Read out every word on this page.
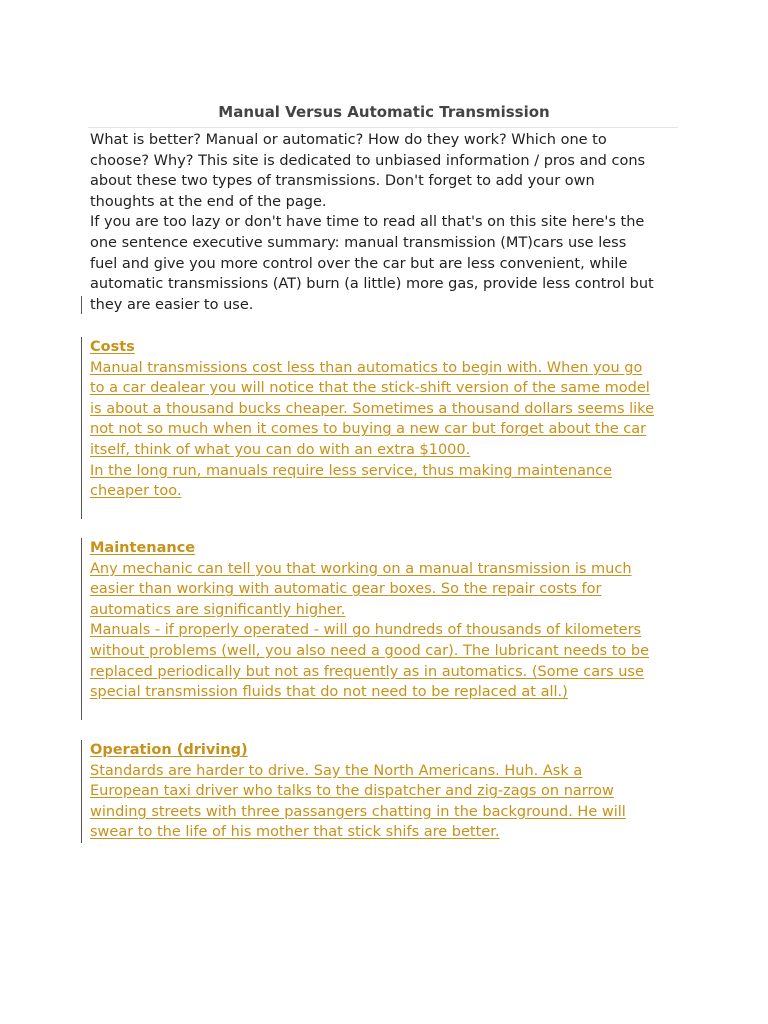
Manual Versus Automatic Transmission
What is better? Manual or automatic? How do they work? Which one to
choose? Why? This site is dedicated to unbiased information / pros and cons
about these two types of transmissions. Don't forget to add your own
thoughts at the end of the page.
If you are too lazy or don't have time to read all that's on this site here's the
one sentence executive summary: manual transmission (MT)cars use less
fuel and give you more control over the car but are less convenient, while
automatic transmissions (AT) burn (a little) more gas, provide less control but
they are easier to use.
Costs
Manual transmissions cost less than automatics to begin with. When you go
to a car dealear you will notice that the stick-shift version of the same model
is about a thousand bucks cheaper. Sometimes a thousand dollars seems like
not not so much when it comes to buying a new car but forget about the car
itself, think of what you can do with an extra $1000.
In the long run, manuals require less service, thus making maintenance
cheaper too.
Maintenance
Any mechanic can tell you that working on a manual transmission is much
easier than working with automatic gear boxes. So the repair costs for
automatics are significantly higher.
Manuals - if properly operated - will go hundreds of thousands of kilometers
without problems (well, you also need a good car). The lubricant needs to be
replaced periodically but not as frequently as in automatics. (Some cars use
special transmission fluids that do not need to be replaced at all.)
Operation (driving)
Standards are harder to drive. Say the North Americans. Huh. Ask a
European taxi driver who talks to the dispatcher and zig-zags on narrow
winding streets with three passangers chatting in the background. He will
swear to the life of his mother that stick shifs are better.
